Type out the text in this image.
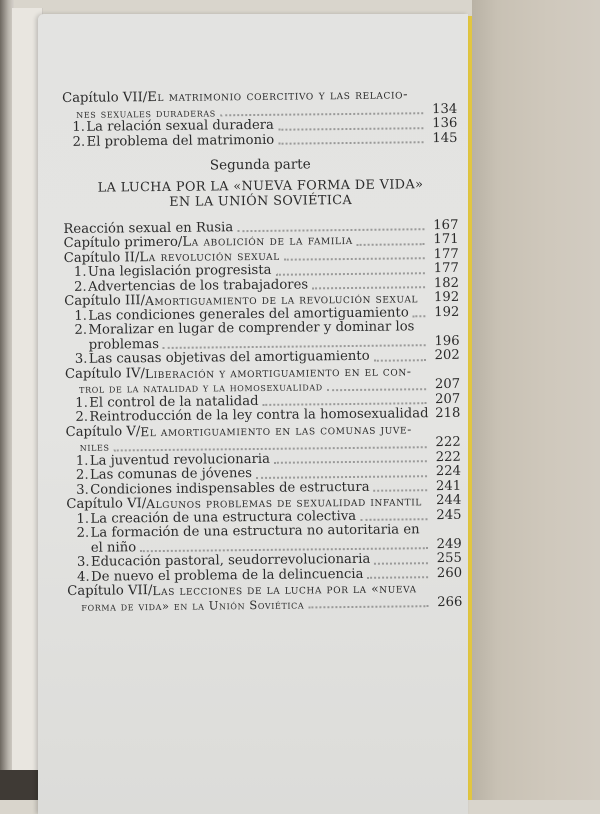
Capítulo VII/El matrimonio coercitivo y las relacio-
nes sexuales duraderas	134
1. La relación sexual duradera	136
2. El problema del matrimonio	145
Segunda parte
LA LUCHA POR LA «NUEVA FORMA DE VIDA»
EN LA UNIÓN SOVIÉTICA
Reacción sexual en Rusia	167
Capítulo primero/ La abolición de la familia	171
Capítulo II/ La revolución sexual	177
1. Una legislación progresista	177
2. Advertencias de los trabajadores	182
Capítulo III/ Amortiguamiento de la revolución sexual 192
1. Las condiciones generales del amortiguamiento 192
2. Moralizar en lugar de comprender y dominar los
problemas	196
3. Las causas objetivas del amortiguamiento	202
Capítulo IV/ Liberación y amortiguamiento en el con-
trol de la natalidad y la homosexualidad	207
1. El control de la natalidad	207
2. Reintroducción de la ley contra la homosexualidad 218
Capítulo V/ El amortiguamiento en las comunas juve-
niles	222
1. La juventud revolucionaria	222
2. Las comunas de jóvenes	224
3. Condiciones indispensables de estructura	241
Capítulo VI/ Algunos problemas de sexualidad infantil 244
1. La creación de una estructura colectiva	245
2. La formación de una estructura no autoritaria en
el niño	249
3. Educación pastoral, seudorrevolucionaria	255
4. De nuevo el problema de la delincuencia	260
Capítulo VII/ Las lecciones de la lucha por la «nueva
forma de vida» en la Unión Soviética	266
